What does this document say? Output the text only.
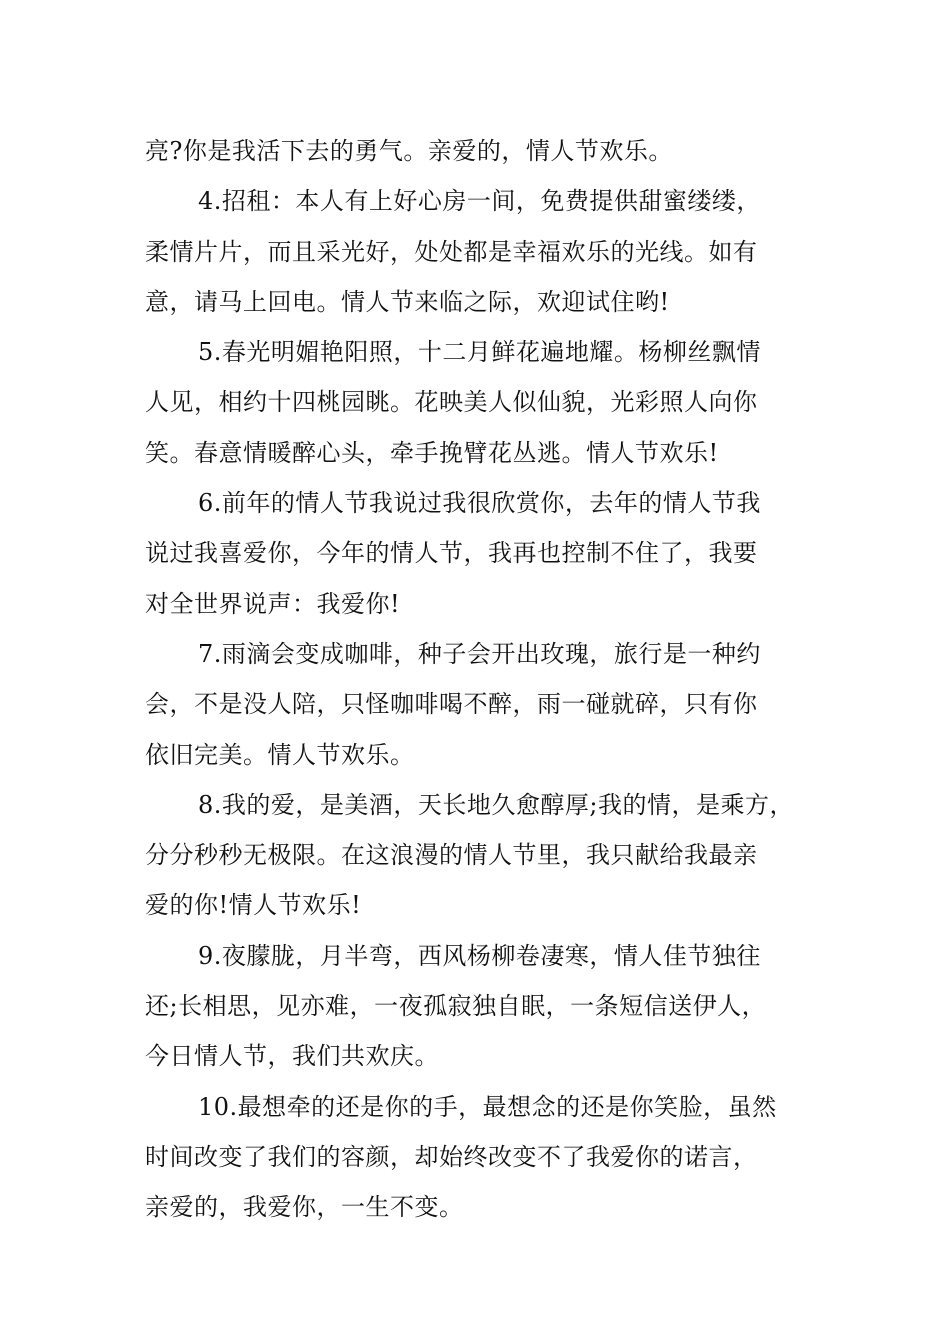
亮?你是我活下去的勇气。亲爱的，情人节欢乐。
4.招租：本人有上好心房一间，免费提供甜蜜缕缕，
柔情片片，而且采光好，处处都是幸福欢乐的光线。如有
意，请马上回电。情人节来临之际，欢迎试住哟!
5.春光明媚艳阳照，十二月鲜花遍地耀。杨柳丝飘情
人见，相约十四桃园眺。花映美人似仙貌，光彩照人向你
笑。春意情暖醉心头，牵手挽臂花丛逃。情人节欢乐!
6.前年的情人节我说过我很欣赏你，去年的情人节我
说过我喜爱你，今年的情人节，我再也控制不住了，我要
对全世界说声：我爱你!
7.雨滴会变成咖啡，种子会开出玫瑰，旅行是一种约
会，不是没人陪，只怪咖啡喝不醉，雨一碰就碎，只有你
依旧完美。情人节欢乐。
8.我的爱，是美酒，天长地久愈醇厚;我的情，是乘方，
分分秒秒无极限。在这浪漫的情人节里，我只献给我最亲
爱的你!情人节欢乐!
9.夜朦胧，月半弯，西风杨柳卷凄寒，情人佳节独往
还;长相思，见亦难，一夜孤寂独自眠，一条短信送伊人，
今日情人节，我们共欢庆。
10.最想牵的还是你的手，最想念的还是你笑脸，虽然
时间改变了我们的容颜，却始终改变不了我爱你的诺言，
亲爱的，我爱你，一生不变。
